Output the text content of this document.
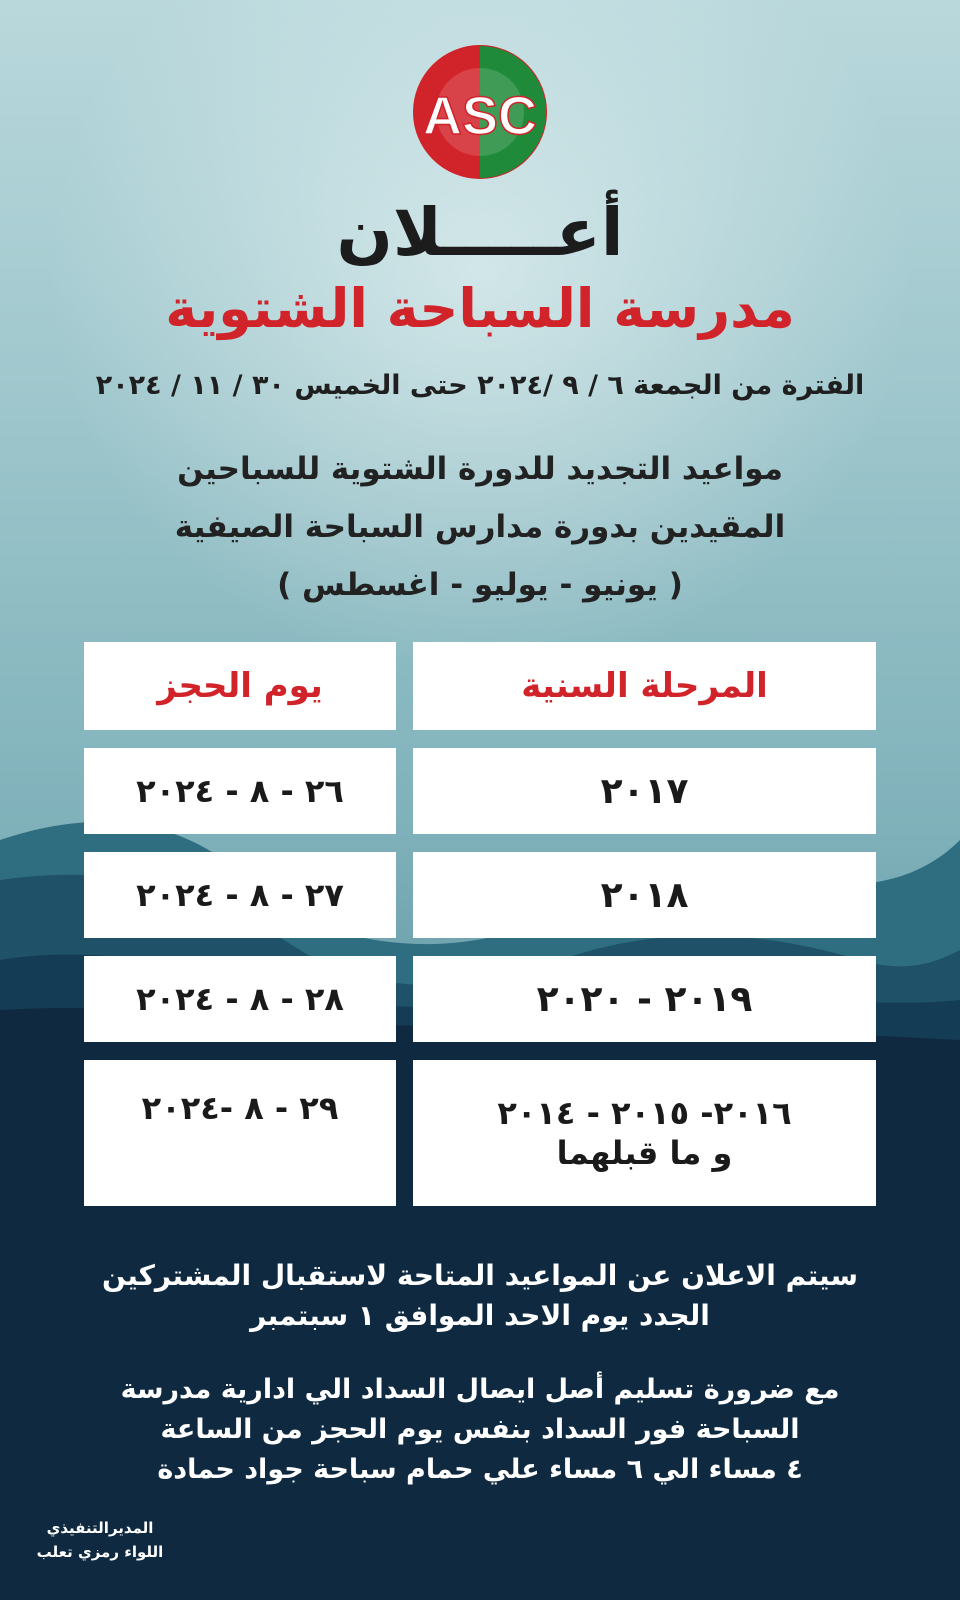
ASC
أعـــــلان
مدرسة السباحة الشتوية
الفترة من الجمعة ٦ / ٩ /٢٠٢٤ حتى الخميس ٣٠ / ١١ / ٢٠٢٤
مواعيد التجديد للدورة الشتوية للسباحين
المقيدين بدورة مدارس السباحة الصيفية
( يونيو - يوليو - اغسطس )
المرحلة السنية
يوم الحجز
٢٠١٧
٢٦ - ٨ - ٢٠٢٤
٢٠١٨
٢٧ - ٨ - ٢٠٢٤
٢٠١٩ - ٢٠٢٠
٢٨ - ٨ - ٢٠٢٤
٢٠١٦- ٢٠١٥ - ٢٠١٤
و ما قبلهما
٢٩ - ٨ -٢٠٢٤
سيتم الاعلان عن المواعيد المتاحة لاستقبال المشتركين
الجدد يوم الاحد الموافق ١ سبتمبر
مع ضرورة تسليم أصل ايصال السداد الي ادارية مدرسة
السباحة فور السداد بنفس يوم الحجز من الساعة
٤ مساء الي ٦ مساء علي حمام سباحة جواد حمادة
المديرالتنفيذي
اللواء رمزي تعلب
